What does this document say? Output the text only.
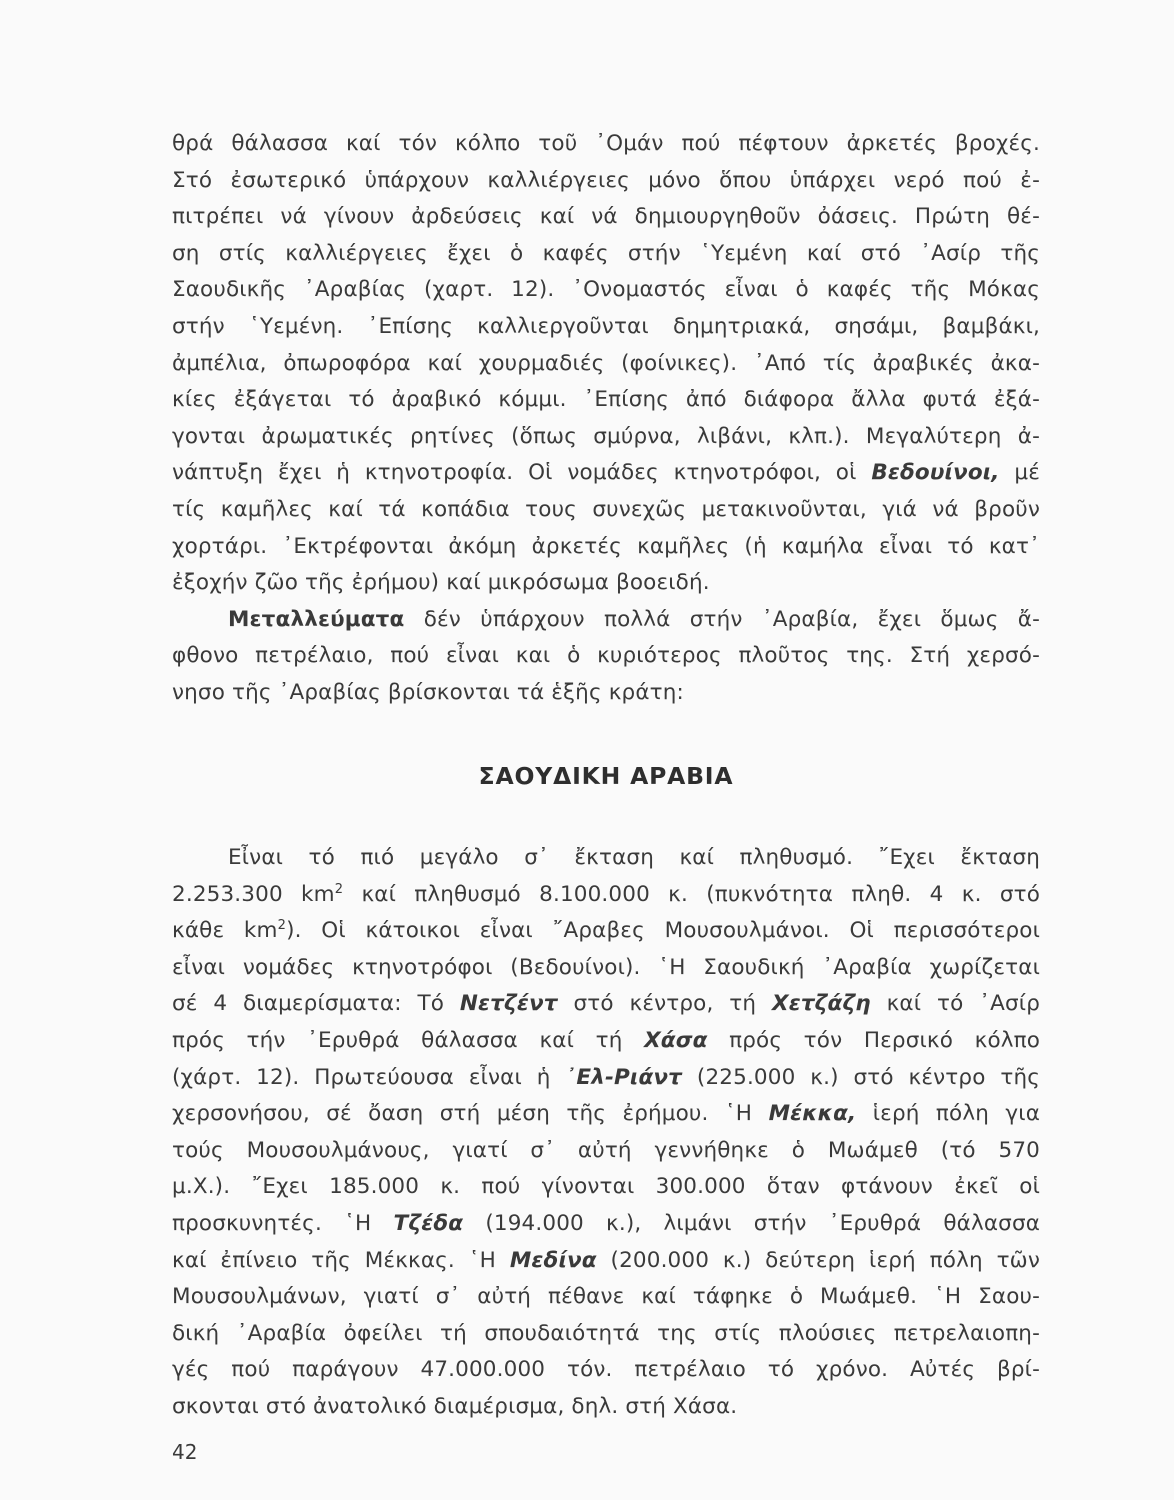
θρά θάλασσα καί τόν κόλπο τοῦ ᾿Ομάν πού πέφτουν ἀρκετές βροχές.
Στό ἐσωτερικό ὑπάρχουν καλλιέργειες μόνο ὅπου ὑπάρχει νερό πού ἐ-
πιτρέπει νά γίνουν ἀρδεύσεις καί νά δημιουργηθοῦν ὀάσεις. Πρώτη θέ-
ση στίς καλλιέργειες ἔχει ὁ καφές στήν ῾Υεμένη καί στό ᾿Ασίρ τῆς
Σαουδικῆς ᾿Αραβίας (χαρτ. 12). ᾿Ονομαστός εἶναι ὁ καφές τῆς Μόκας
στήν ῾Υεμένη. ᾿Επίσης καλλιεργοῦνται δημητριακά, σησάμι, βαμβάκι,
ἀμπέλια, ὀπωροφόρα καί χουρμαδιές (φοίνικες). ᾿Από τίς ἀραβικές ἀκα-
κίες ἐξάγεται τό ἀραβικό κόμμι. ᾿Επίσης ἀπό διάφορα ἄλλα φυτά ἐξά-
γονται ἀρωματικές ρητίνες (ὅπως σμύρνα, λιβάνι, κλπ.). Μεγαλύτερη ἀ-
νάπτυξη ἔχει ἡ κτηνοτροφία. Οἱ νομάδες κτηνοτρόφοι, οἱ Βεδουίνοι, μέ
τίς καμῆλες καί τά κοπάδια τους συνεχῶς μετακινοῦνται, γιά νά βροῦν
χορτάρι. ᾿Εκτρέφονται ἀκόμη ἀρκετές καμῆλες (ἡ καμήλα εἶναι τό κατ᾿
ἐξοχήν ζῶο τῆς ἐρήμου) καί μικρόσωμα βοοειδή.
Μεταλλεύματα δέν ὑπάρχουν πολλά στήν ᾿Αραβία, ἔχει ὅμως ἄ-
φθονο πετρέλαιο, πού εἶναι και ὁ κυριότερος πλοῦτος της. Στή χερσό-
νησο τῆς ᾿Αραβίας βρίσκονται τά ἑξῆς κράτη:
ΣΑΟΥΔΙΚΗ ΑΡΑΒΙΑ
Εἶναι τό πιό μεγάλο σ᾿ ἔκταση καί πληθυσμό. ῎Εχει ἔκταση
2.253.300 $km^2$ καί πληθυσμό 8.100.000 κ. (πυκνότητα πληθ. 4 κ. στό
κάθε $km^2$). Οἱ κάτοικοι εἶναι ῎Αραβες Μουσουλμάνοι. Οἱ περισσότεροι
εἶναι νομάδες κτηνοτρόφοι (Βεδουίνοι). ῾Η Σαουδική ᾿Αραβία χωρίζεται
σέ 4 διαμερίσματα: Τό Νετζέντ στό κέντρο, τή Χετζάζη καί τό ᾿Ασίρ
πρός τήν ᾿Ερυθρά θάλασσα καί τή Χάσα πρός τόν Περσικό κόλπο
(χάρτ. 12). Πρωτεύουσα εἶναι ἡ ᾿Ελ-Ριάντ (225.000 κ.) στό κέντρο τῆς
χερσονήσου, σέ ὄαση στή μέση τῆς ἐρήμου. ῾Η Μέκκα, ἱερή πόλη για
τούς Μουσουλμάνους, γιατί σ᾿ αὐτή γεννήθηκε ὁ Μωάμεθ (τό 570
μ.Χ.). ῎Εχει 185.000 κ. πού γίνονται 300.000 ὅταν φτάνουν ἐκεῖ οἱ
προσκυνητές. ῾Η Τζέδα (194.000 κ.), λιμάνι στήν ᾿Ερυθρά θάλασσα
καί ἐπίνειο τῆς Μέκκας. ῾Η Μεδίνα (200.000 κ.) δεύτερη ἱερή πόλη τῶν
Μουσουλμάνων, γιατί σ᾿ αὐτή πέθανε καί τάφηκε ὁ Μωάμεθ. ῾Η Σαου-
δική ᾿Αραβία ὀφείλει τή σπουδαιότητά της στίς πλούσιες πετρελαιοπη-
γές πού παράγουν 47.000.000 τόν. πετρέλαιο τό χρόνο. Αὐτές βρί-
σκονται στό ἀνατολικό διαμέρισμα, δηλ. στή Χάσα.
42
